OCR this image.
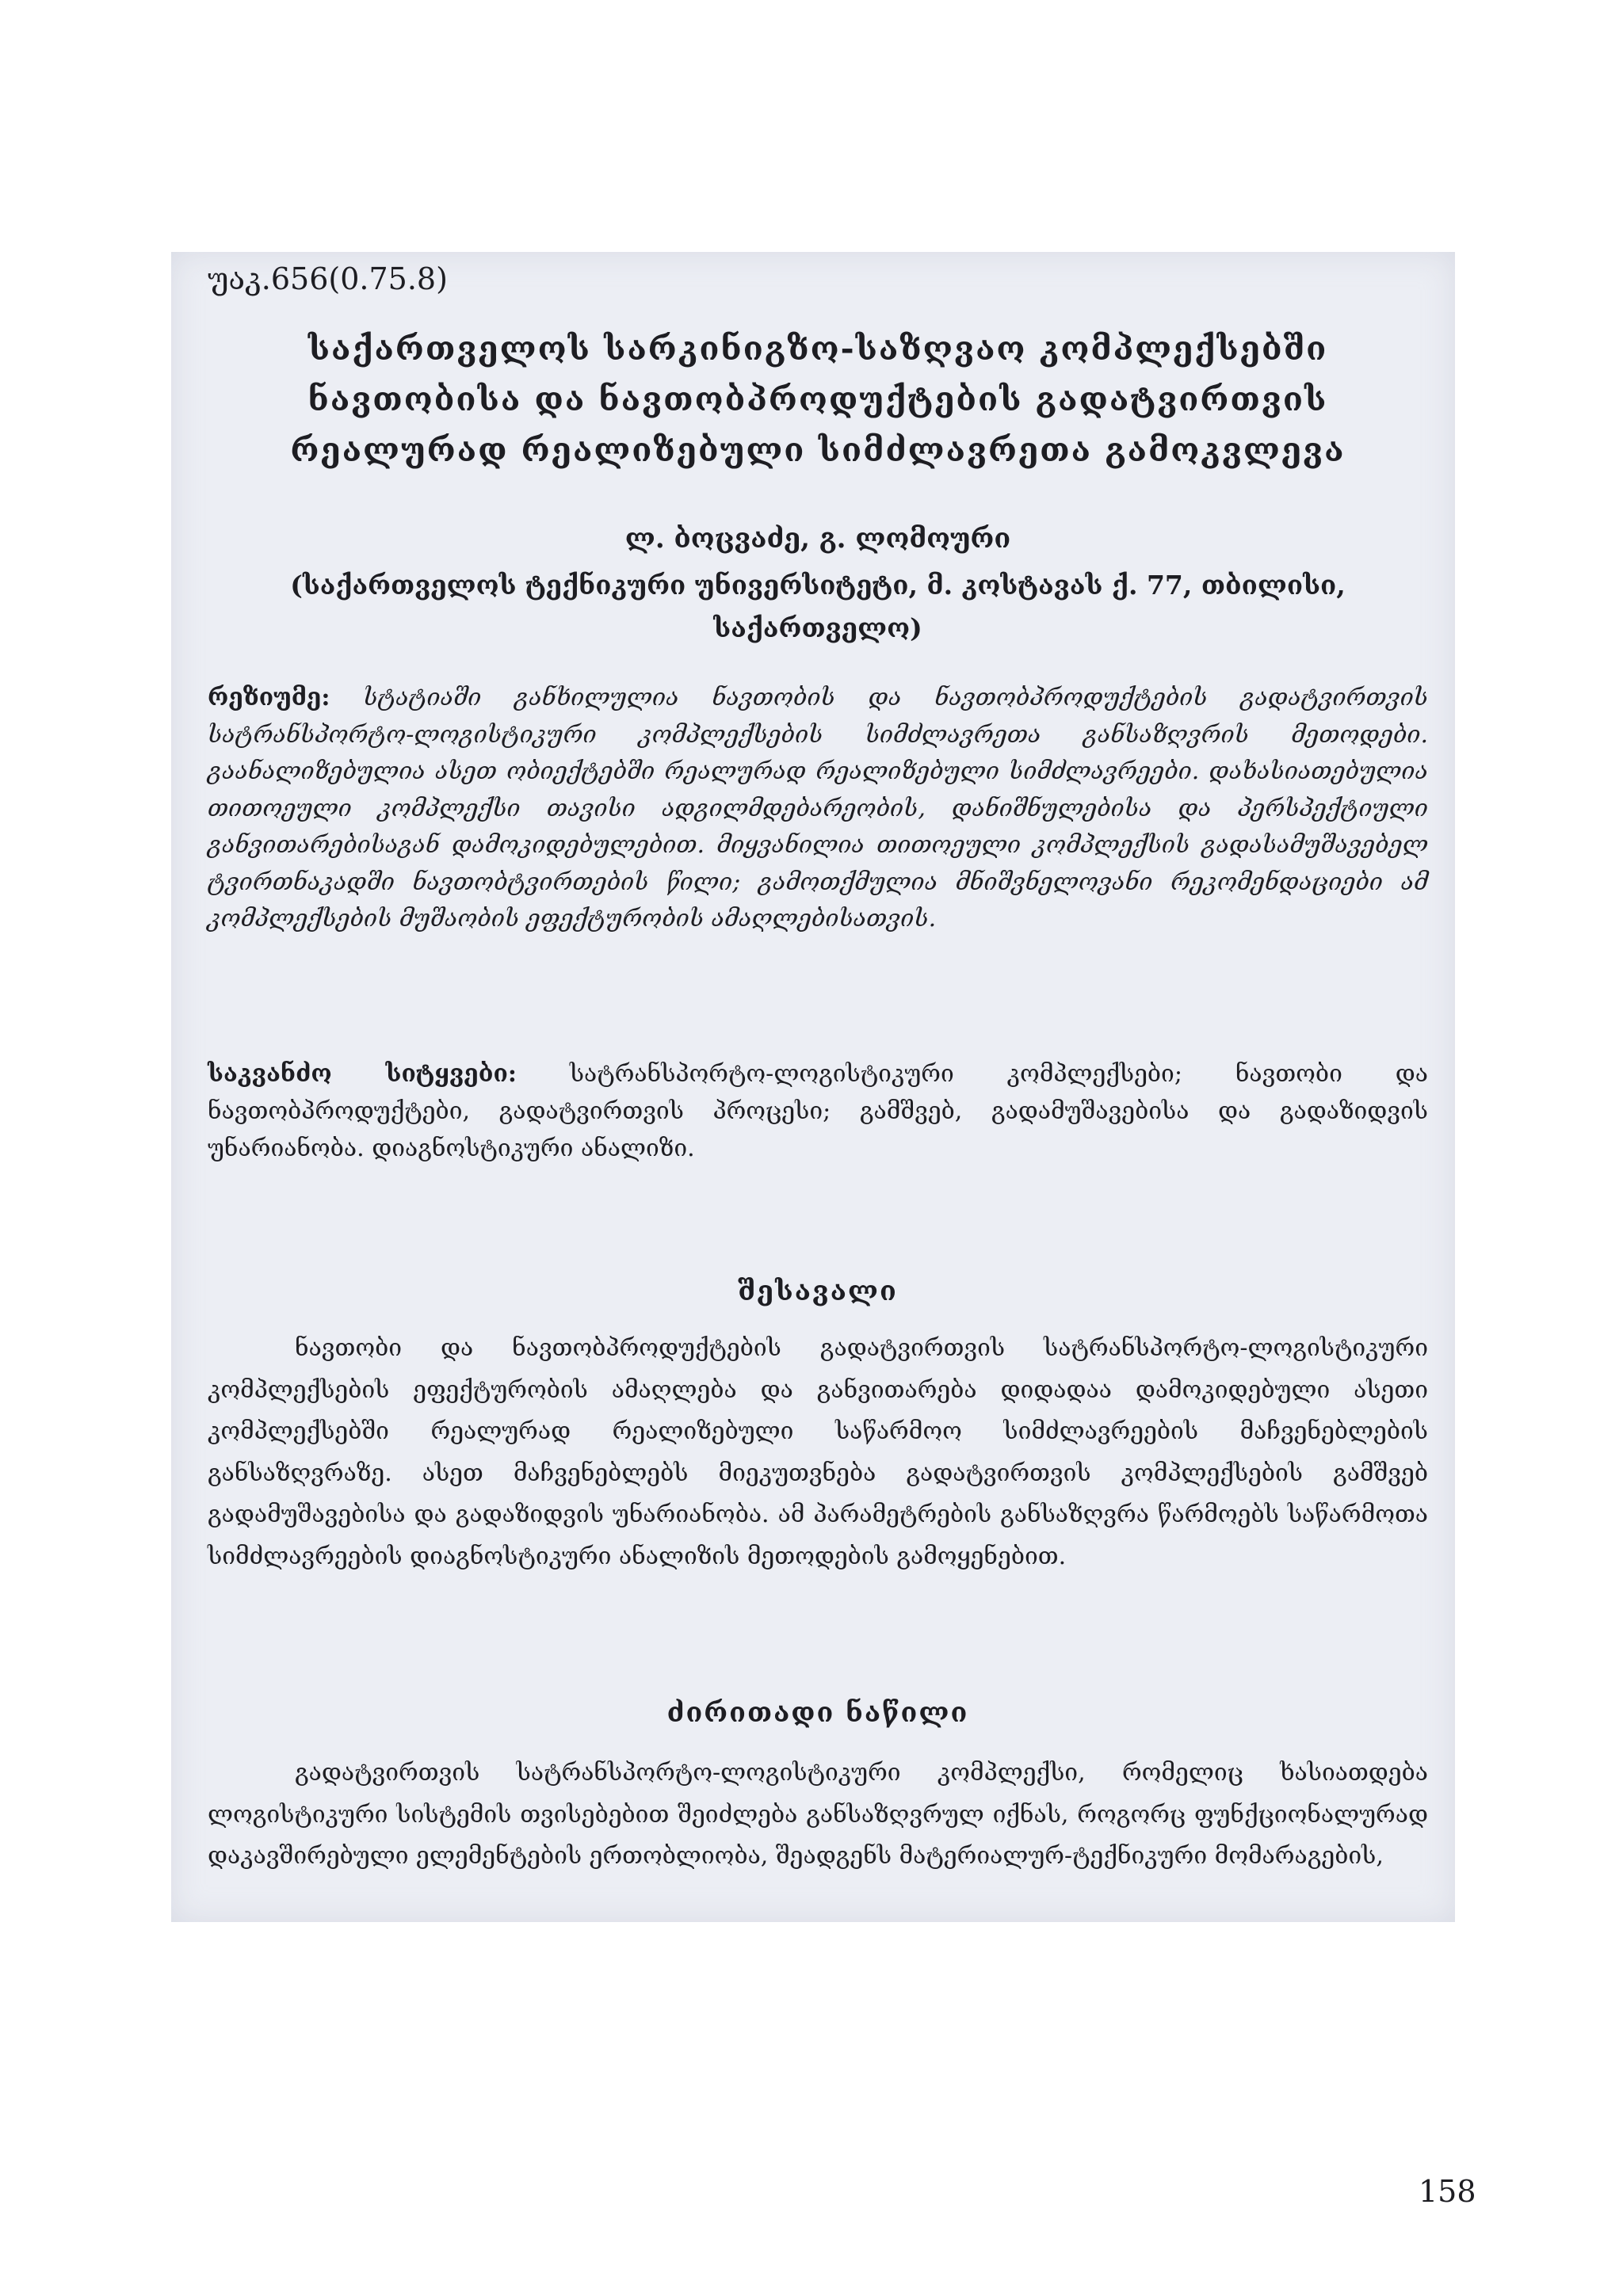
უაკ.656(0.75.8)
საქართველოს სარკინიგზო-საზღვაო კომპლექსებში ნავთობისა და ნავთობპროდუქტების გადატვირთვის რეალურად რეალიზებული სიმძლავრეთა გამოკვლევა
ლ. ბოცვაძე, გ. ლომოური
(საქართველოს ტექნიკური უნივერსიტეტი, მ. კოსტავას ქ. 77, თბილისი, საქართველო)
რეზიუმე: სტატიაში განხილულია ნავთობის და ნავთობპროდუქტების გადატვირთვის სატრანსპორტო-ლოგისტიკური კომპლექსების სიმძლავრეთა განსაზღვრის მეთოდები. გაანალიზებულია ასეთ ობიექტებში რეალურად რეალიზებული სიმძლავრეები. დახასიათებულია თითოეული კომპლექსი თავისი ადგილმდებარეობის, დანიშნულებისა და პერსპექტიული განვითარებისაგან დამოკიდებულებით. მიყვანილია თითოეული კომპლექსის გადასამუშავებელ ტვირთნაკადში ნავთობტვირთების წილი; გამოთქმულია მნიშვნელოვანი რეკომენდაციები ამ კომპლექსების მუშაობის ეფექტურობის ამაღლებისათვის.
საკვანძო სიტყვები: სატრანსპორტო-ლოგისტიკური კომპლექსები; ნავთობი და ნავთობპროდუქტები, გადატვირთვის პროცესი; გამშვებ, გადამუშავებისა და გადაზიდვის უნარიანობა. დიაგნოსტიკური ანალიზი.
შესავალი
ნავთობი და ნავთობპროდუქტების გადატვირთვის სატრანსპორტო-ლოგისტიკური კომპლექსების ეფექტურობის ამაღლება და განვითარება დიდადაა დამოკიდებული ასეთი კომპლექსებში რეალურად რეალიზებული საწარმოო სიმძლავრეების მაჩვენებლების განსაზღვრაზე. ასეთ მაჩვენებლებს მიეკუთვნება გადატვირთვის კომპლექსების გამშვებ გადამუშავებისა და გადაზიდვის უნარიანობა. ამ პარამეტრების განსაზღვრა წარმოებს საწარმოთა სიმძლავრეების დიაგნოსტიკური ანალიზის მეთოდების გამოყენებით.
ძირითადი ნაწილი
გადატვირთვის სატრანსპორტო-ლოგისტიკური კომპლექსი, რომელიც ხასიათდება ლოგისტიკური სისტემის თვისებებით შეიძლება განსაზღვრულ იქნას, როგორც ფუნქციონალურად დაკავშირებული ელემენტების ერთობლიობა, შეადგენს მატერიალურ-ტექნიკური მომარაგების,
158
